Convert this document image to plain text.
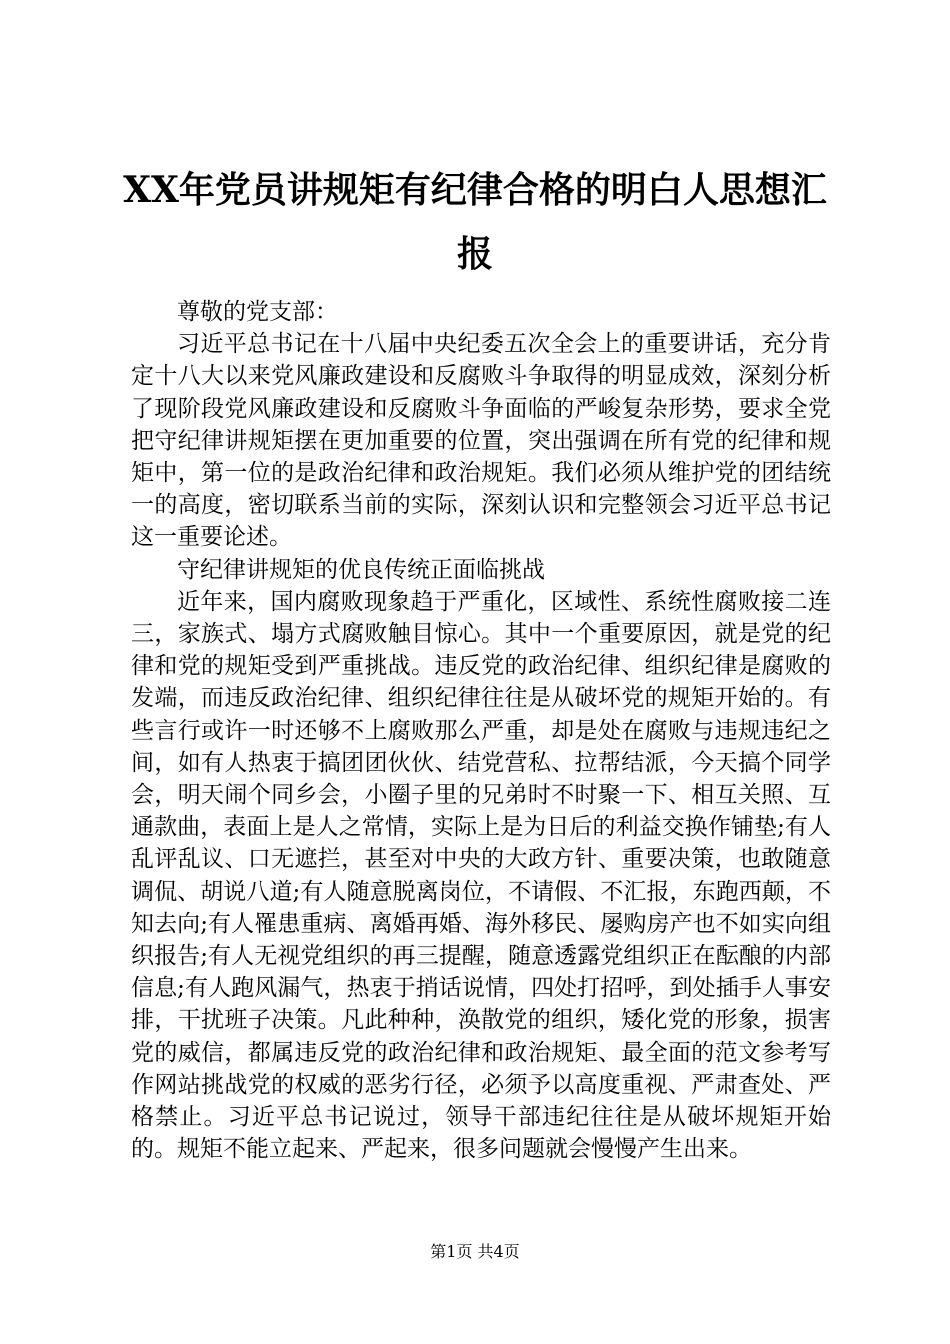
XX年党员讲规矩有纪律合格的明白人思想汇报

尊敬的党支部：

习近平总书记在十八届中央纪委五次全会上的重要讲话，充分肯定十八大以来党风廉政建设和反腐败斗争取得的明显成效，深刻分析了现阶段党风廉政建设和反腐败斗争面临的严峻复杂形势，要求全党把守纪律讲规矩摆在更加重要的位置，突出强调在所有党的纪律和规矩中，第一位的是政治纪律和政治规矩。我们必须从维护党的团结统一的高度，密切联系当前的实际，深刻认识和完整领会习近平总书记这一重要论述。

守纪律讲规矩的优良传统正面临挑战

近年来，国内腐败现象趋于严重化，区域性、系统性腐败接二连三，家族式、塌方式腐败触目惊心。其中一个重要原因，就是党的纪律和党的规矩受到严重挑战。违反党的政治纪律、组织纪律是腐败的发端，而违反政治纪律、组织纪律往往是从破坏党的规矩开始的。有些言行或许一时还够不上腐败那么严重，却是处在腐败与违规违纪之间，如有人热衷于搞团团伙伙、结党营私、拉帮结派，今天搞个同学会，明天闹个同乡会，小圈子里的兄弟时不时聚一下、相互关照、互通款曲，表面上是人之常情，实际上是为日后的利益交换作铺垫;有人乱评乱议、口无遮拦，甚至对中央的大政方针、重要决策，也敢随意调侃、胡说八道;有人随意脱离岗位，不请假、不汇报，东跑西颠，不知去向;有人罹患重病、离婚再婚、海外移民、屡购房产也不如实向组织报告;有人无视党组织的再三提醒，随意透露党组织正在酝酿的内部信息;有人跑风漏气，热衷于捎话说情，四处打招呼，到处插手人事安排，干扰班子决策。凡此种种，涣散党的组织，矮化党的形象，损害党的威信，都属违反党的政治纪律和政治规矩、最全面的范文参考写作网站挑战党的权威的恶劣行径，必须予以高度重视、严肃查处、严格禁止。习近平总书记说过，领导干部违纪往往是从破坏规矩开始的。规矩不能立起来、严起来，很多问题就会慢慢产生出来。

第1页 共4页
